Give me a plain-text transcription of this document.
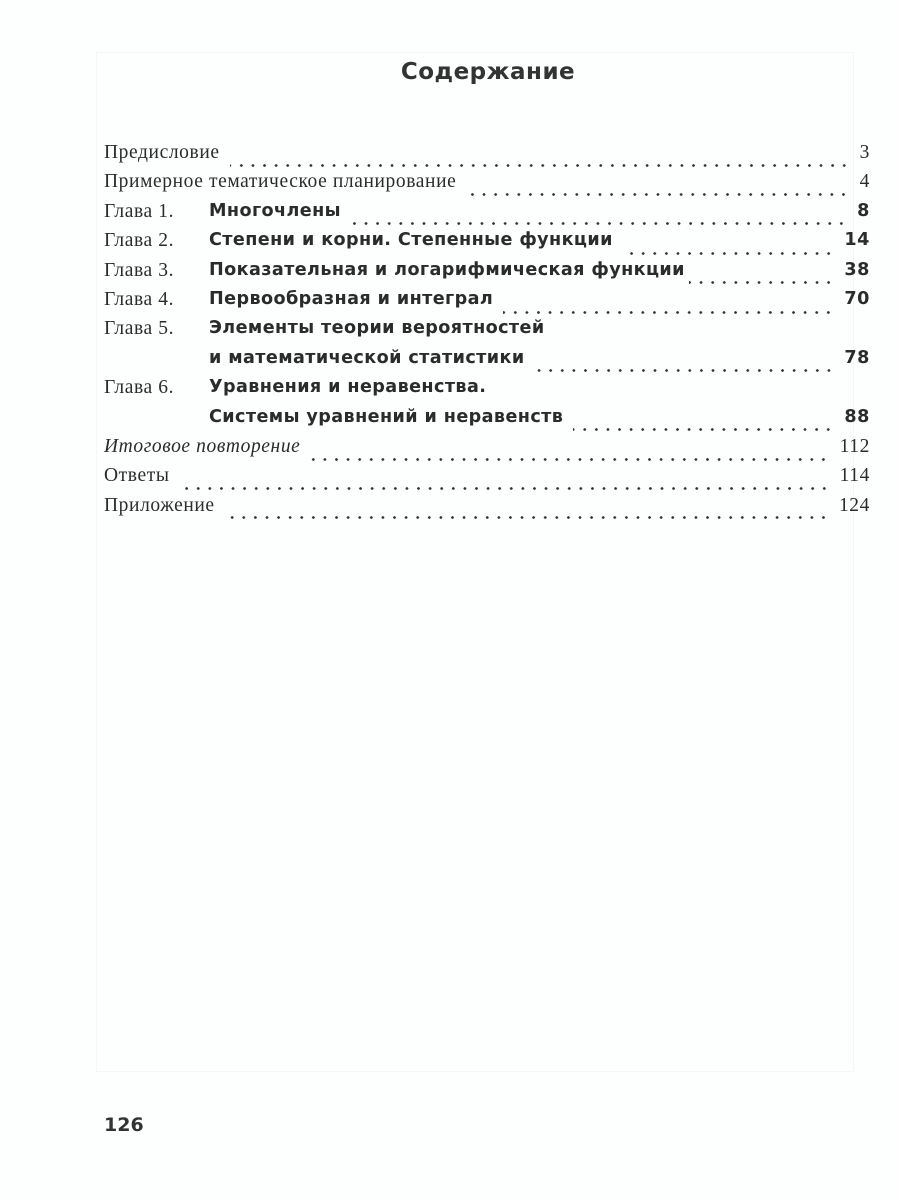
Содержание
Предисловие	3
Примерное тематическое планирование	4
Глава 1.	Многочлены	8
Глава 2.	Степени и корни. Степенные функции	14
Глава 3.	Показательная и логарифмическая функции	38
Глава 4.	Первообразная и интеграл	70
Глава 5.	Элементы теории вероятностей
и математической статистики	78
Глава 6.	Уравнения и неравенства.
Системы уравнений и неравенств	88
Итоговое повторение	112
Ответы	114
Приложение	124
126
